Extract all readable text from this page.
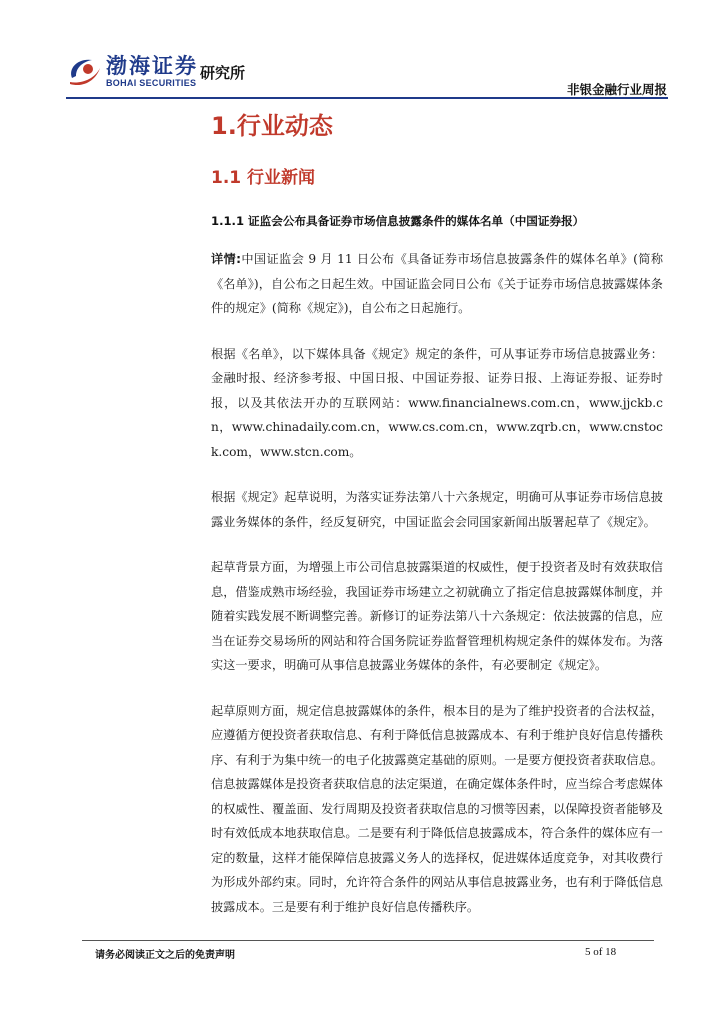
渤海证券
BOHAI SECURITIES
研究所
非银金融行业周报
1.行业动态
1.1 行业新闻
1.1.1 证监会公布具备证券市场信息披露条件的媒体名单（中国证券报）

详情:中国证监会 9 月 11 日公布《具备证券市场信息披露条件的媒体名单》(简称《名单》)，自公布之日起生效。中国证监会同日公布《关于证券市场信息披露媒体条件的规定》(简称《规定》)，自公布之日起施行。

根据《名单》，以下媒体具备《规定》规定的条件，可从事证券市场信息披露业务：金融时报、经济参考报、中国日报、中国证券报、证券日报、上海证券报、证券时报，以及其依法开办的互联网站：www.financialnews.com.cn，www.jjckb.cn，www.chinadaily.com.cn，www.cs.com.cn，www.zqrb.cn，www.cnstock.com，www.stcn.com。

根据《规定》起草说明，为落实证券法第八十六条规定，明确可从事证券市场信息披露业务媒体的条件，经反复研究，中国证监会会同国家新闻出版署起草了《规定》。

起草背景方面，为增强上市公司信息披露渠道的权威性，便于投资者及时有效获取信息，借鉴成熟市场经验，我国证券市场建立之初就确立了指定信息披露媒体制度，并随着实践发展不断调整完善。新修订的证券法第八十六条规定：依法披露的信息，应当在证券交易场所的网站和符合国务院证券监督管理机构规定条件的媒体发布。为落实这一要求，明确可从事信息披露业务媒体的条件，有必要制定《规定》。

起草原则方面，规定信息披露媒体的条件，根本目的是为了维护投资者的合法权益，应遵循方便投资者获取信息、有利于降低信息披露成本、有利于维护良好信息传播秩序、有利于为集中统一的电子化披露奠定基础的原则。一是要方便投资者获取信息。信息披露媒体是投资者获取信息的法定渠道，在确定媒体条件时，应当综合考虑媒体的权威性、覆盖面、发行周期及投资者获取信息的习惯等因素，以保障投资者能够及时有效低成本地获取信息。二是要有利于降低信息披露成本，符合条件的媒体应有一定的数量，这样才能保障信息披露义务人的选择权，促进媒体适度竞争，对其收费行为形成外部约束。同时，允许符合条件的网站从事信息披露业务，也有利于降低信息披露成本。三是要有利于维护良好信息传播秩序。

请务必阅读正文之后的免责声明	5 of 18
